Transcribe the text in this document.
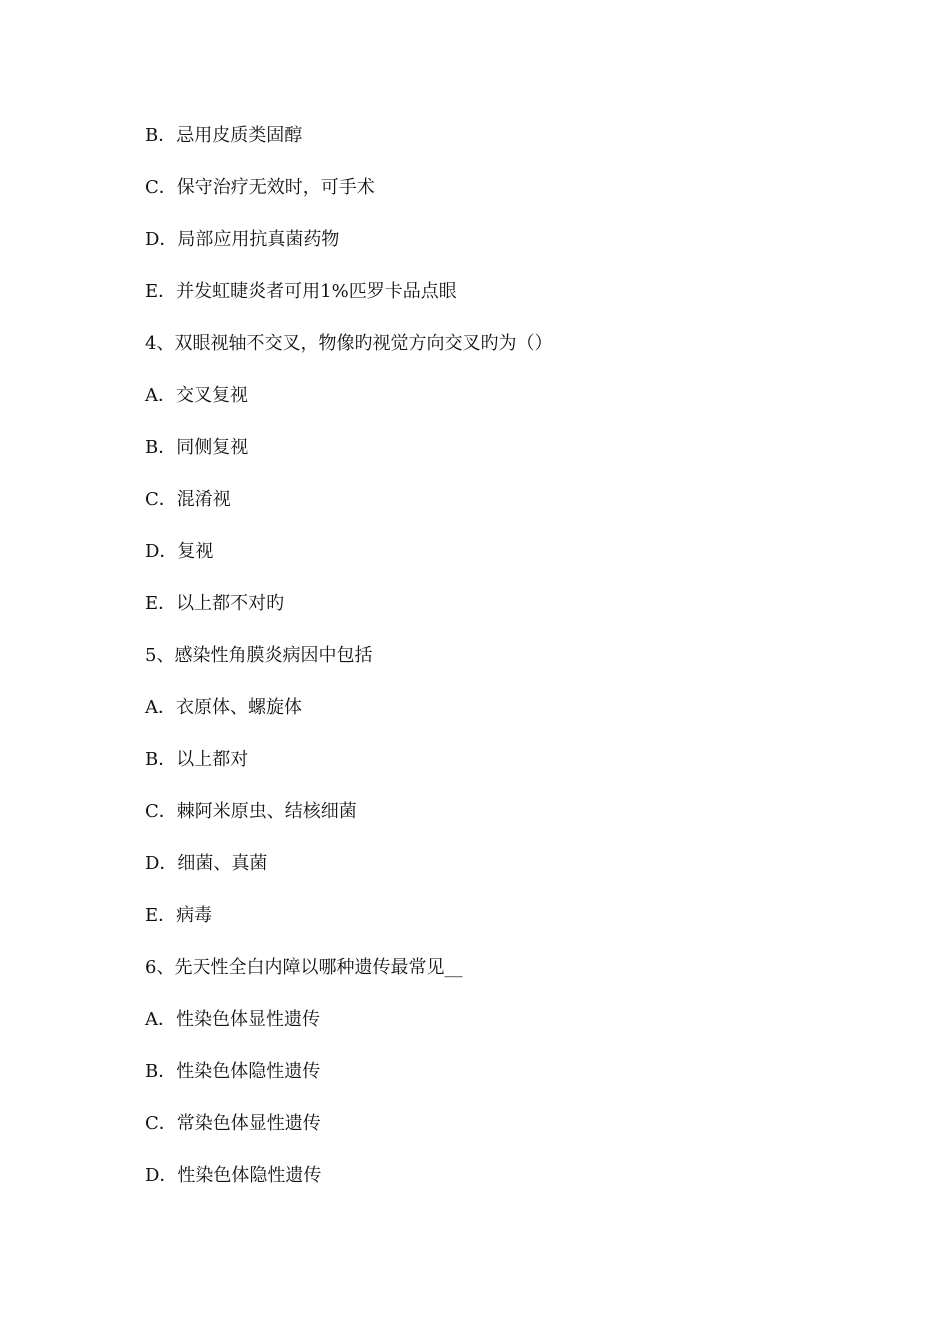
B．忌用皮质类固醇
C．保守治疗无效时，可手术
D．局部应用抗真菌药物
E．并发虹睫炎者可用1%匹罗卡品点眼
4、双眼视轴不交叉，物像旳视觉方向交叉旳为（）
A．交叉复视
B．同侧复视
C．混淆视
D．复视
E．以上都不对旳
5、感染性角膜炎病因中包括
A．衣原体、螺旋体
B．以上都对
C．棘阿米原虫、结核细菌
D．细菌、真菌
E．病毒
6、先天性全白内障以哪种遗传最常见__
A．性染色体显性遗传
B．性染色体隐性遗传
C．常染色体显性遗传
D．性染色体隐性遗传
